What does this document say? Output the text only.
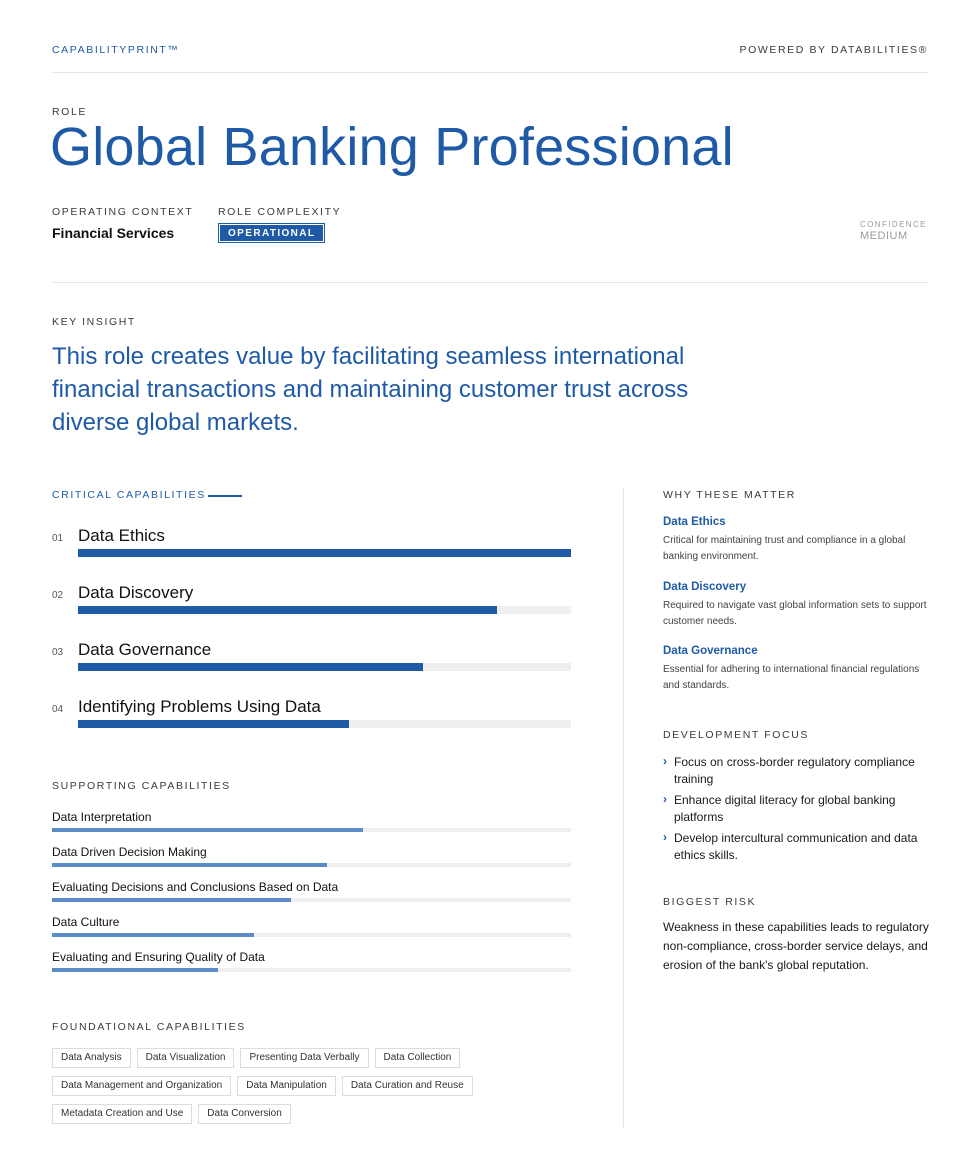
CAPABILITYPRINT™	POWERED BY DATABILITIES®
ROLE
Global Banking Professional
OPERATING CONTEXT
Financial Services
ROLE COMPLEXITY
OPERATIONAL
CONFIDENCE
MEDIUM
KEY INSIGHT

This role creates value by facilitating seamless international financial transactions and maintaining customer trust across diverse global markets.

CRITICAL CAPABILITIES
01 Data Ethics
02 Data Discovery
03 Data Governance
04 Identifying Problems Using Data
SUPPORTING CAPABILITIES
Data Interpretation
Data Driven Decision Making
Evaluating Decisions and Conclusions Based on Data
Data Culture
Evaluating and Ensuring Quality of Data
FOUNDATIONAL CAPABILITIES
Data Analysis	Data Visualization	Presenting Data Verbally	Data Collection
Data Management and Organization	Data Manipulation	Data Curation and Reuse
Metadata Creation and Use	Data Conversion
WHY THESE MATTER
Data Ethics
Critical for maintaining trust and compliance in a global banking environment.
Data Discovery
Required to navigate vast global information sets to support customer needs.
Data Governance
Essential for adhering to international financial regulations and standards.
DEVELOPMENT FOCUS
› Focus on cross-border regulatory compliance training
› Enhance digital literacy for global banking platforms
› Develop intercultural communication and data ethics skills.
BIGGEST RISK

Weakness in these capabilities leads to regulatory non-compliance, cross-border service delays, and erosion of the bank's global reputation.
